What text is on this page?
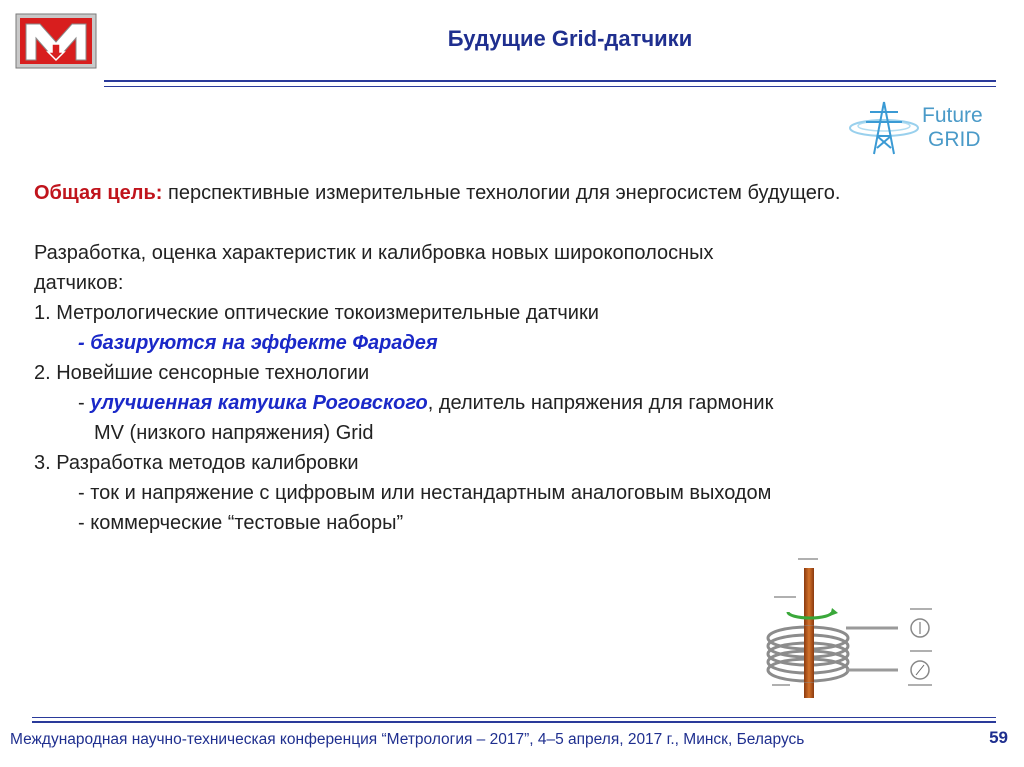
Будущие Grid-датчики
Future
GRID

Общая цель: перспективные измерительные технологии для энергосистем будущего.

Разработка, оценка характеристик и калибровка новых широкополосных
датчиков:
1. Метрологические оптические токоизмерительные датчики
- базируются на эффекте Фарадея
2. Новейшие сенсорные технологии
- улучшенная катушка Роговского, делитель напряжения для гармоник
MV (низкого напряжения) Grid
3. Разработка методов калибровки
- ток и напряжение с цифровым или нестандартным аналоговым выходом
- коммерческие “тестовые наборы”
Международная научно-техническая конференция “Метрология – 2017”, 4–5 апреля, 2017 г., Минск, Беларусь	59
